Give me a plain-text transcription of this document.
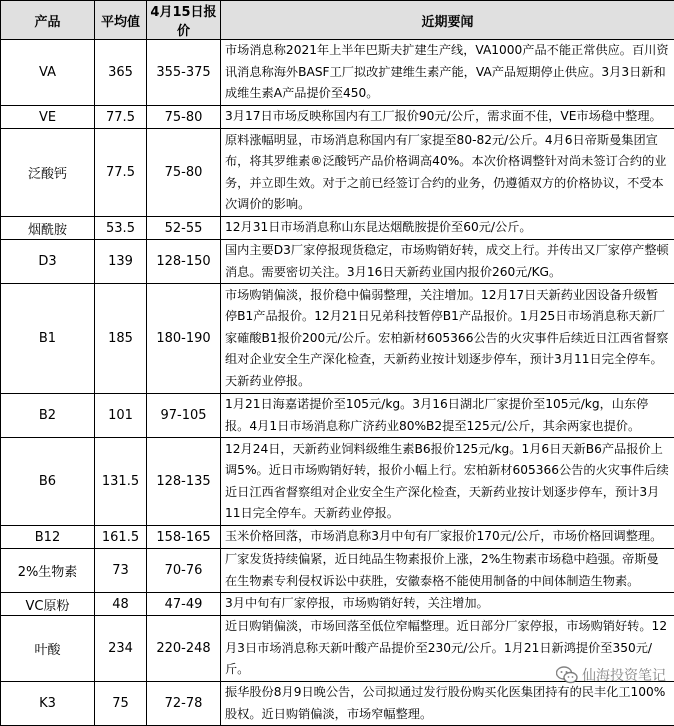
产品	平均值	4月15日报价	近期要闻
VA	365	355-375	市场消息称2021年上半年巴斯夫扩建生产线，VA1000产品不能正常供应。百川资讯消息称海外BASF工厂拟改扩建维生素产能，VA产品短期停止供应。3月3日新和成维生素A产品提价至450。
VE	77.5	75-80	3月17日市场反映称国内有工厂报价90元/公斤，需求面不佳，VE市场稳中整理。
泛酸钙	77.5	75-80	原料涨幅明显，市场消息称国内有厂家提至80-82元/公斤。4月6日帝斯曼集团宣布，将其罗维素®泛酸钙产品价格调高40%。本次价格调整针对尚未签订合约的业务，并立即生效。对于之前已经签订合约的业务，仍遵循双方的价格协议，不受本次调价的影响。
烟酰胺	53.5	52-55	12月31日市场消息称山东昆达烟酰胺提价至60元/公斤。
D3	139	128-150	国内主要D3厂家停报现货稳定，市场购销好转，成交上行。并传出又厂家停产整顿消息。需要密切关注。3月16日天新药业国内报价260元/KG。
B1	185	180-190	市场购销偏淡，报价稳中偏弱整理，关注增加。12月17日天新药业因设备升级暂停B1产品报价。12月21日兄弟科技暂停B1产品报价。1月25日市场消息称天新厂家確酸B1报价200元/公斤。宏柏新材605366公告的火灾事件后续近日江西省督察组对企业安全生产深化检查，天新药业按计划逐步停车，预计3月11日完全停车。天新药业停报。
B2	101	97-105	1月21日海嘉诺提价至105元/kg。3月16日湖北厂家提价至105元/kg，山东停报。4月1日市场消息称广济药业80%B2提至125元/公斤，其余两家也提价。
B6	131.5	128-135	12月24日，天新药业饲料级维生素B6报价125元/kg。1月6日天新B6产品报价上调5%。近日市场购销好转，报价小幅上行。宏柏新材605366公告的火灾事件后续近日江西省督察组对企业安全生产深化检查，天新药业按计划逐步停车，预计3月11日完全停车。天新药业停报。
B12	161.5	158-165	玉米价格回落，市场消息称3月中旬有厂家报价170元/公斤，市场价格回调整理。
2%生物素	73	70-76	厂家发货持续偏紧，近日纯品生物素报价上涨，2%生物素市场稳中趋强。帝斯曼在生物素专利侵权诉讼中获胜，安徽泰格不能使用制备的中间体制造生物素。
VC原粉	48	47-49	3月中旬有厂家停报，市场购销好转，关注增加。
叶酸	234	220-248	近日购销偏淡，市场回落至低位窄幅整理。近日部分厂家停报，市场购销好转。12月3日市场消息称天新叶酸产品提价至230元/公斤。1月21日新鸿提价至350元/斤。
K3	75	72-78	振华股份8月9日晚公告，公司拟通过发行股份购买化医集团持有的民丰化工100%股权。近日购销偏淡，市场窄幅整理。
仙海投资笔记
